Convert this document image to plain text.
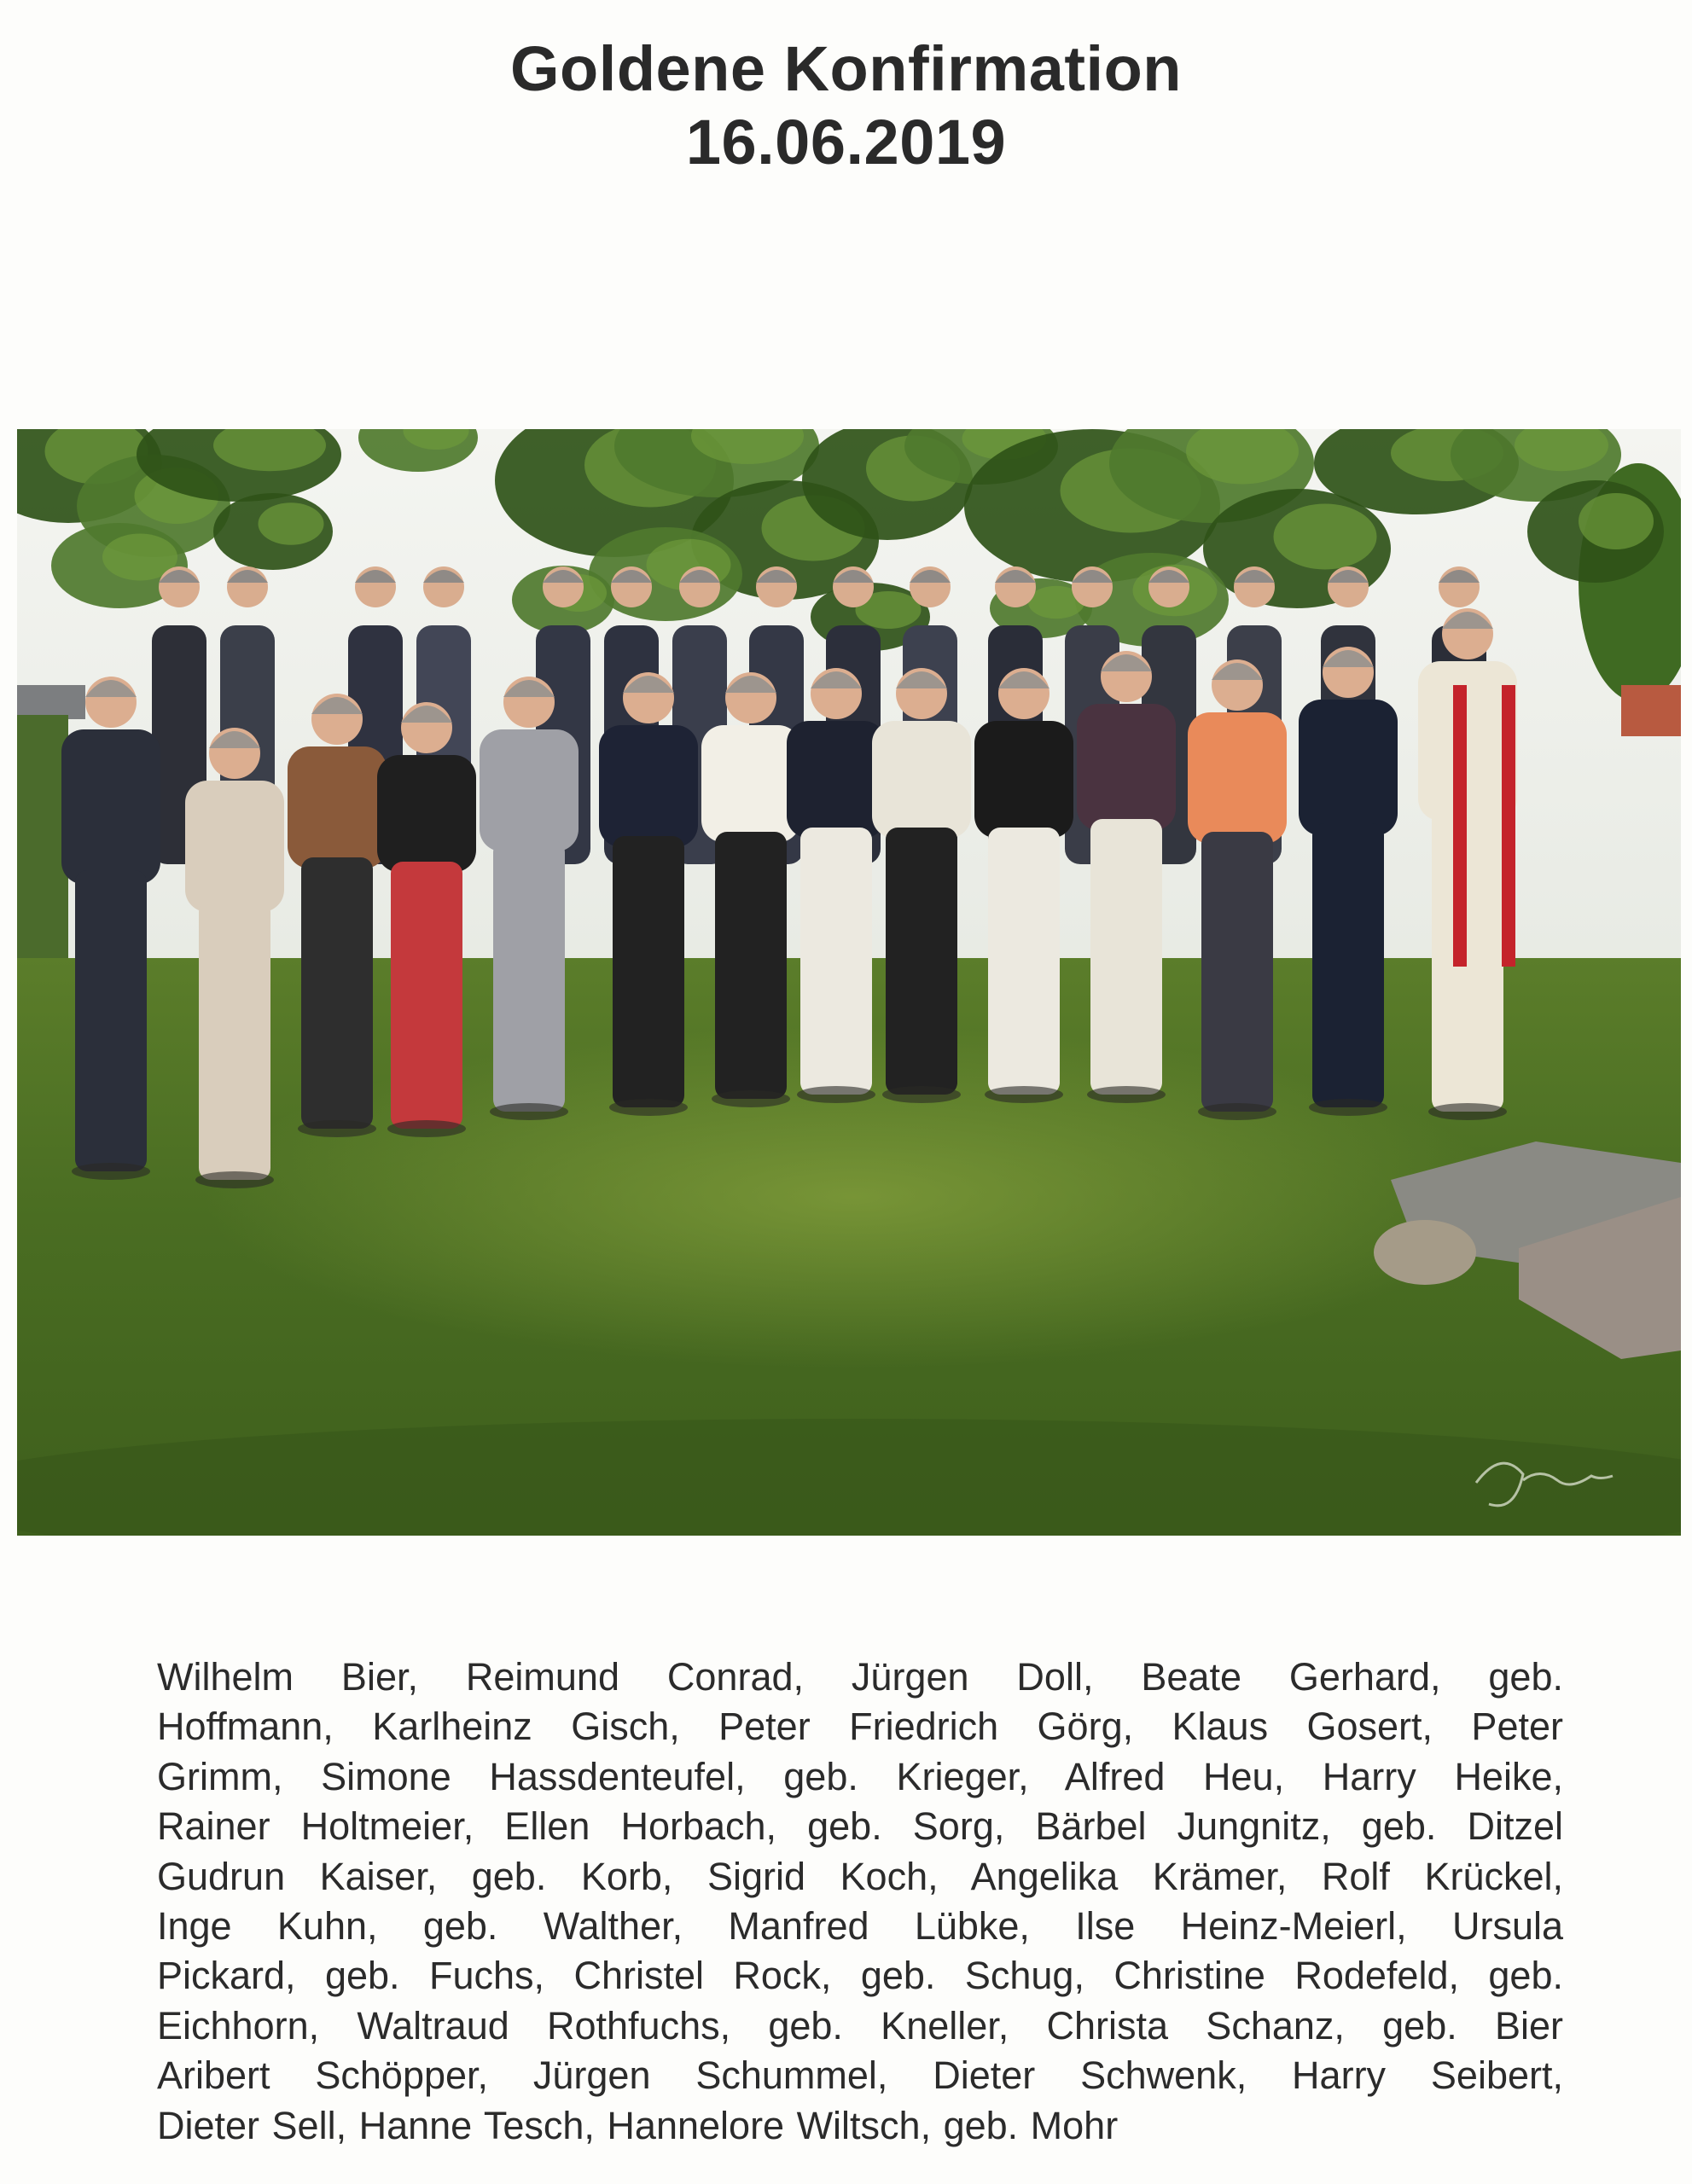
Goldene Konfirmation
16.06.2019
Wilhelm Bier, Reimund Conrad, Jürgen Doll, Beate Gerhard, geb.
Hoffmann, Karlheinz Gisch, Peter Friedrich Görg, Klaus Gosert, Peter
Grimm, Simone Hassdenteufel, geb. Krieger, Alfred Heu, Harry Heike,
Rainer Holtmeier, Ellen Horbach, geb. Sorg, Bärbel Jungnitz, geb. Ditzel
Gudrun Kaiser, geb. Korb, Sigrid Koch, Angelika Krämer, Rolf Krückel,
Inge Kuhn, geb. Walther, Manfred Lübke, Ilse Heinz-Meierl, Ursula
Pickard, geb. Fuchs, Christel Rock, geb. Schug, Christine Rodefeld, geb.
Eichhorn, Waltraud Rothfuchs, geb. Kneller, Christa Schanz, geb. Bier
Aribert Schöpper, Jürgen Schummel, Dieter Schwenk, Harry Seibert,
Dieter Sell, Hanne Tesch, Hannelore Wiltsch, geb. Mohr
